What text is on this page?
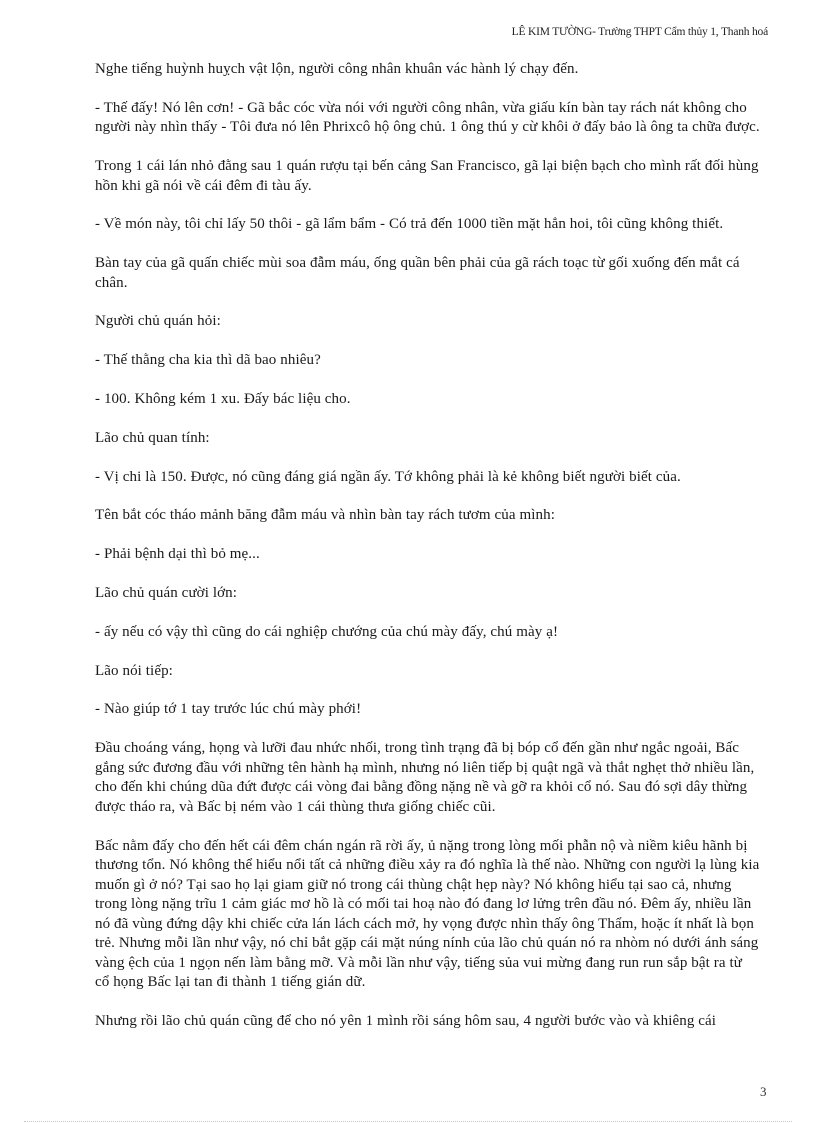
LÊ KIM TƯỜNG- Trường THPT Cẩm thủy 1, Thanh hoá

Nghe tiếng huỳnh huỵch vật lộn, người công nhân khuân vác hành lý chạy đến.

- Thế đấy! Nó lên cơn! - Gã bắc cóc vừa nói với người công nhân, vừa giấu kín bàn tay rách nát không cho người này nhìn thấy - Tôi đưa nó lên Phrixcô hộ ông chủ. 1 ông thú y cừ khôi ở đấy bảo là ông ta chữa được.

Trong 1 cái lán nhỏ đằng sau 1 quán rượu tại bến cảng San Francisco, gã lại biện bạch cho mình rất đối hùng hồn khi gã nói về cái đêm đi tàu ấy.

- Về món này, tôi chỉ lấy 50 thôi - gã lẩm bẩm - Có trả đến 1000 tiền mặt hẳn hoi, tôi cũng không thiết.

Bàn tay của gã quấn chiếc mùi soa đẫm máu, ống quần bên phải của gã rách toạc từ gối xuống đến mắt cá chân.

Người chủ quán hỏi:

- Thế thằng cha kia thì dã bao nhiêu?

- 100. Không kém 1 xu. Đấy bác liệu cho.

Lão chủ quan tính:

- Vị chi là 150. Được, nó cũng đáng giá ngần ấy. Tớ không phải là kẻ không biết người biết của.

Tên bắt cóc tháo mảnh băng đẫm máu và nhìn bàn tay rách tươm của mình:

- Phải bệnh dại thì bỏ mẹ...

Lão chủ quán cười lớn:

- ấy nếu có vậy thì cũng do cái nghiệp chướng của chú mày đấy, chú mày ạ!

Lão nói tiếp:

- Nào giúp tớ 1 tay trước lúc chú mày phới!

Đầu choáng váng, họng và lưỡi đau nhức nhối, trong tình trạng đã bị bóp cổ đến gần như ngắc ngoải, Bấc gắng sức đương đầu với những tên hành hạ mình, nhưng nó liên tiếp bị quật ngã và thắt nghẹt thở nhiều lần, cho đến khi chúng dũa đứt được cái vòng đai bằng đồng nặng nề và gỡ ra khỏi cổ nó. Sau đó sợi dây thừng được tháo ra, và Bấc bị ném vào 1 cái thùng thưa giống chiếc cũi.

Bấc nằm đấy cho đến hết cái đêm chán ngán rã rời ấy, ủ nặng trong lòng mối phẫn nộ và niềm kiêu hãnh bị thương tổn. Nó không thể hiểu nổi tất cả những điều xảy ra đó nghĩa là thế nào. Những con người lạ lùng kia muốn gì ở nó? Tại sao họ lại giam giữ nó trong cái thùng chật hẹp này? Nó không hiểu tại sao cả, nhưng trong lòng nặng trĩu 1 cảm giác mơ hồ là có mối tai hoạ nào đó đang lơ lửng trên đầu nó. Đêm ấy, nhiều lần nó đã vùng đứng dậy khi chiếc cửa lán lách cách mở, hy vọng được nhìn thấy ông Thẩm, hoặc ít nhất là bọn trẻ. Nhưng mỗi lần như vậy, nó chỉ bắt gặp cái mặt núng nính của lão chủ quán nó ra nhòm nó dưới ánh sáng vàng ệch của 1 ngọn nến làm bằng mỡ. Và mỗi lần như vậy, tiếng sủa vui mừng đang run run sắp bật ra từ cổ họng Bấc lại tan đi thành 1 tiếng gián dữ.

Nhưng rồi lão chủ quán cũng để cho nó yên 1 mình rồi sáng hôm sau, 4 người bước vào và khiêng cái

3
